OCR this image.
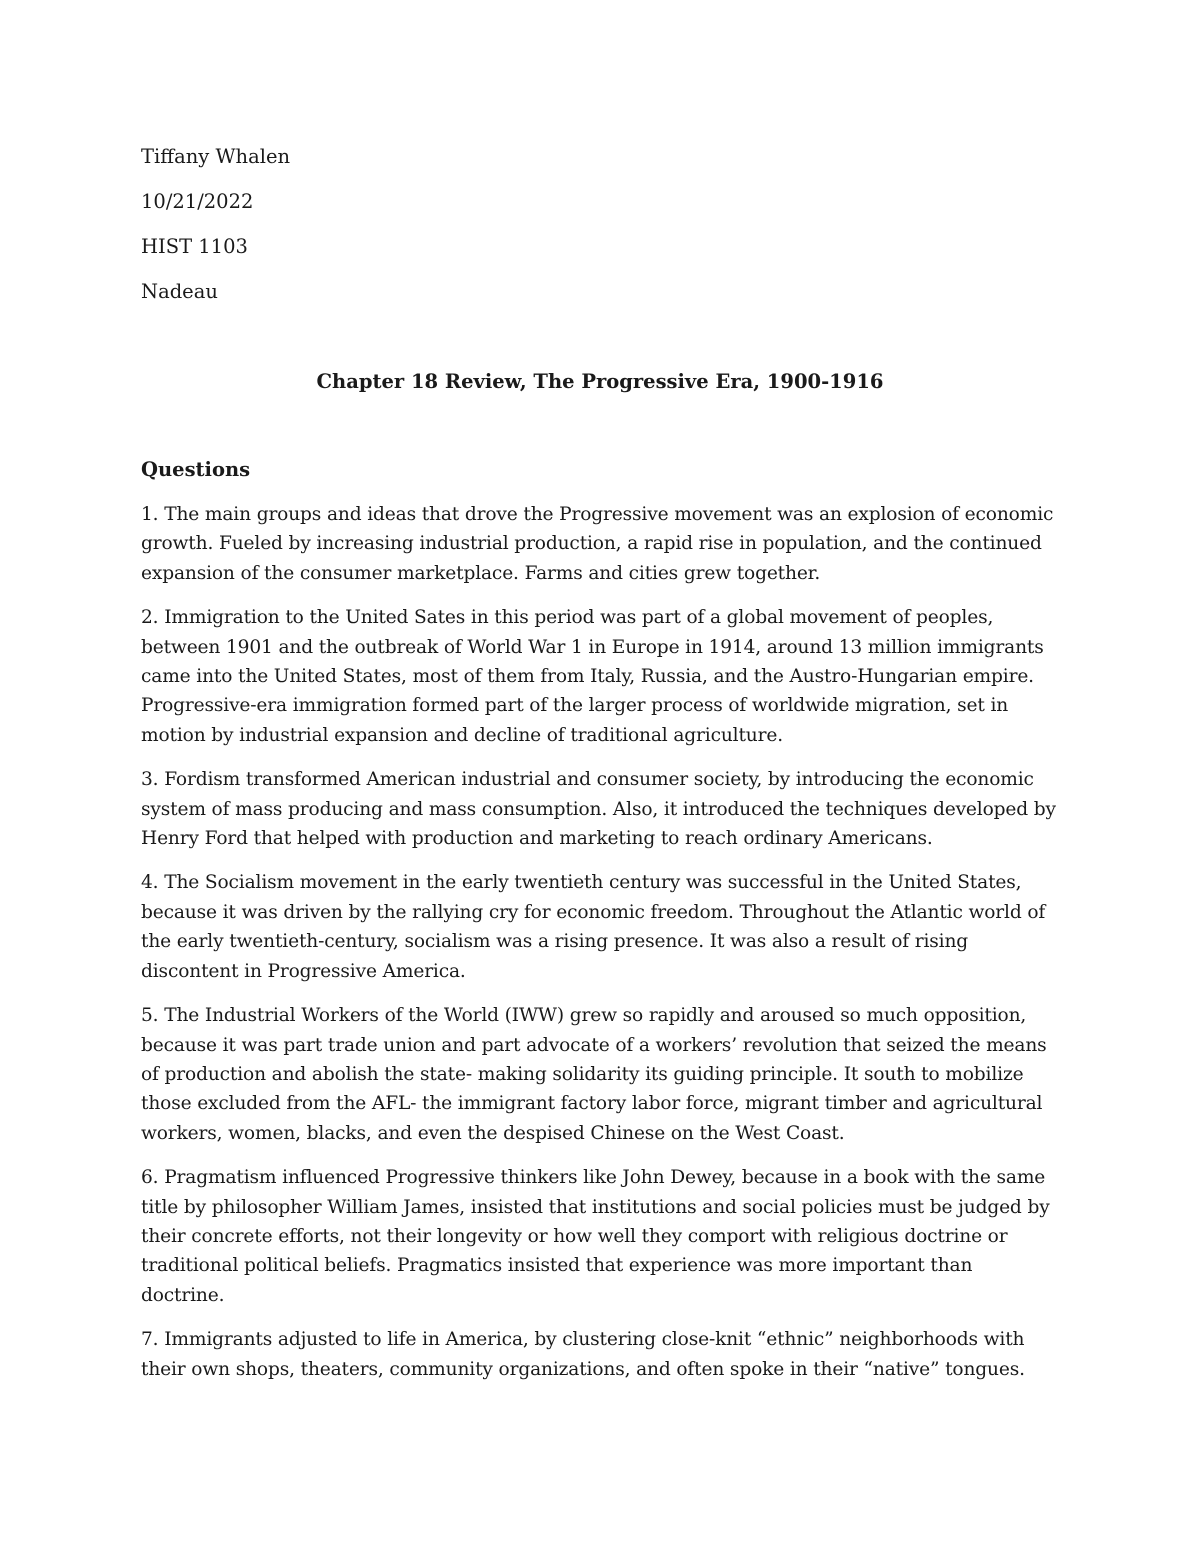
Tiffany Whalen
10/21/2022
HIST 1103
Nadeau
Chapter 18 Review, The Progressive Era, 1900-1916
Questions

1. The main groups and ideas that drove the Progressive movement was an explosion of economic growth. Fueled by increasing industrial production, a rapid rise in population, and the continued expansion of the consumer marketplace. Farms and cities grew together.

2. Immigration to the United Sates in this period was part of a global movement of peoples, between 1901 and the outbreak of World War 1 in Europe in 1914, around 13 million immigrants came into the United States, most of them from Italy, Russia, and the Austro-Hungarian empire. Progressive-era immigration formed part of the larger process of worldwide migration, set in motion by industrial expansion and decline of traditional agriculture.

3. Fordism transformed American industrial and consumer society, by introducing the economic system of mass producing and mass consumption. Also, it introduced the techniques developed by Henry Ford that helped with production and marketing to reach ordinary Americans.

4. The Socialism movement in the early twentieth century was successful in the United States, because it was driven by the rallying cry for economic freedom. Throughout the Atlantic world of the early twentieth-century, socialism was a rising presence. It was also a result of rising discontent in Progressive America.

5. The Industrial Workers of the World (IWW) grew so rapidly and aroused so much opposition, because it was part trade union and part advocate of a workers’ revolution that seized the means of production and abolish the state- making solidarity its guiding principle. It south to mobilize those excluded from the AFL- the immigrant factory labor force, migrant timber and agricultural workers, women, blacks, and even the despised Chinese on the West Coast.

6. Pragmatism influenced Progressive thinkers like John Dewey, because in a book with the same title by philosopher William James, insisted that institutions and social policies must be judged by their concrete efforts, not their longevity or how well they comport with religious doctrine or traditional political beliefs. Pragmatics insisted that experience was more important than doctrine.

7. Immigrants adjusted to life in America, by clustering close-knit “ethnic” neighborhoods with their own shops, theaters, community organizations, and often spoke in their “native” tongues.
